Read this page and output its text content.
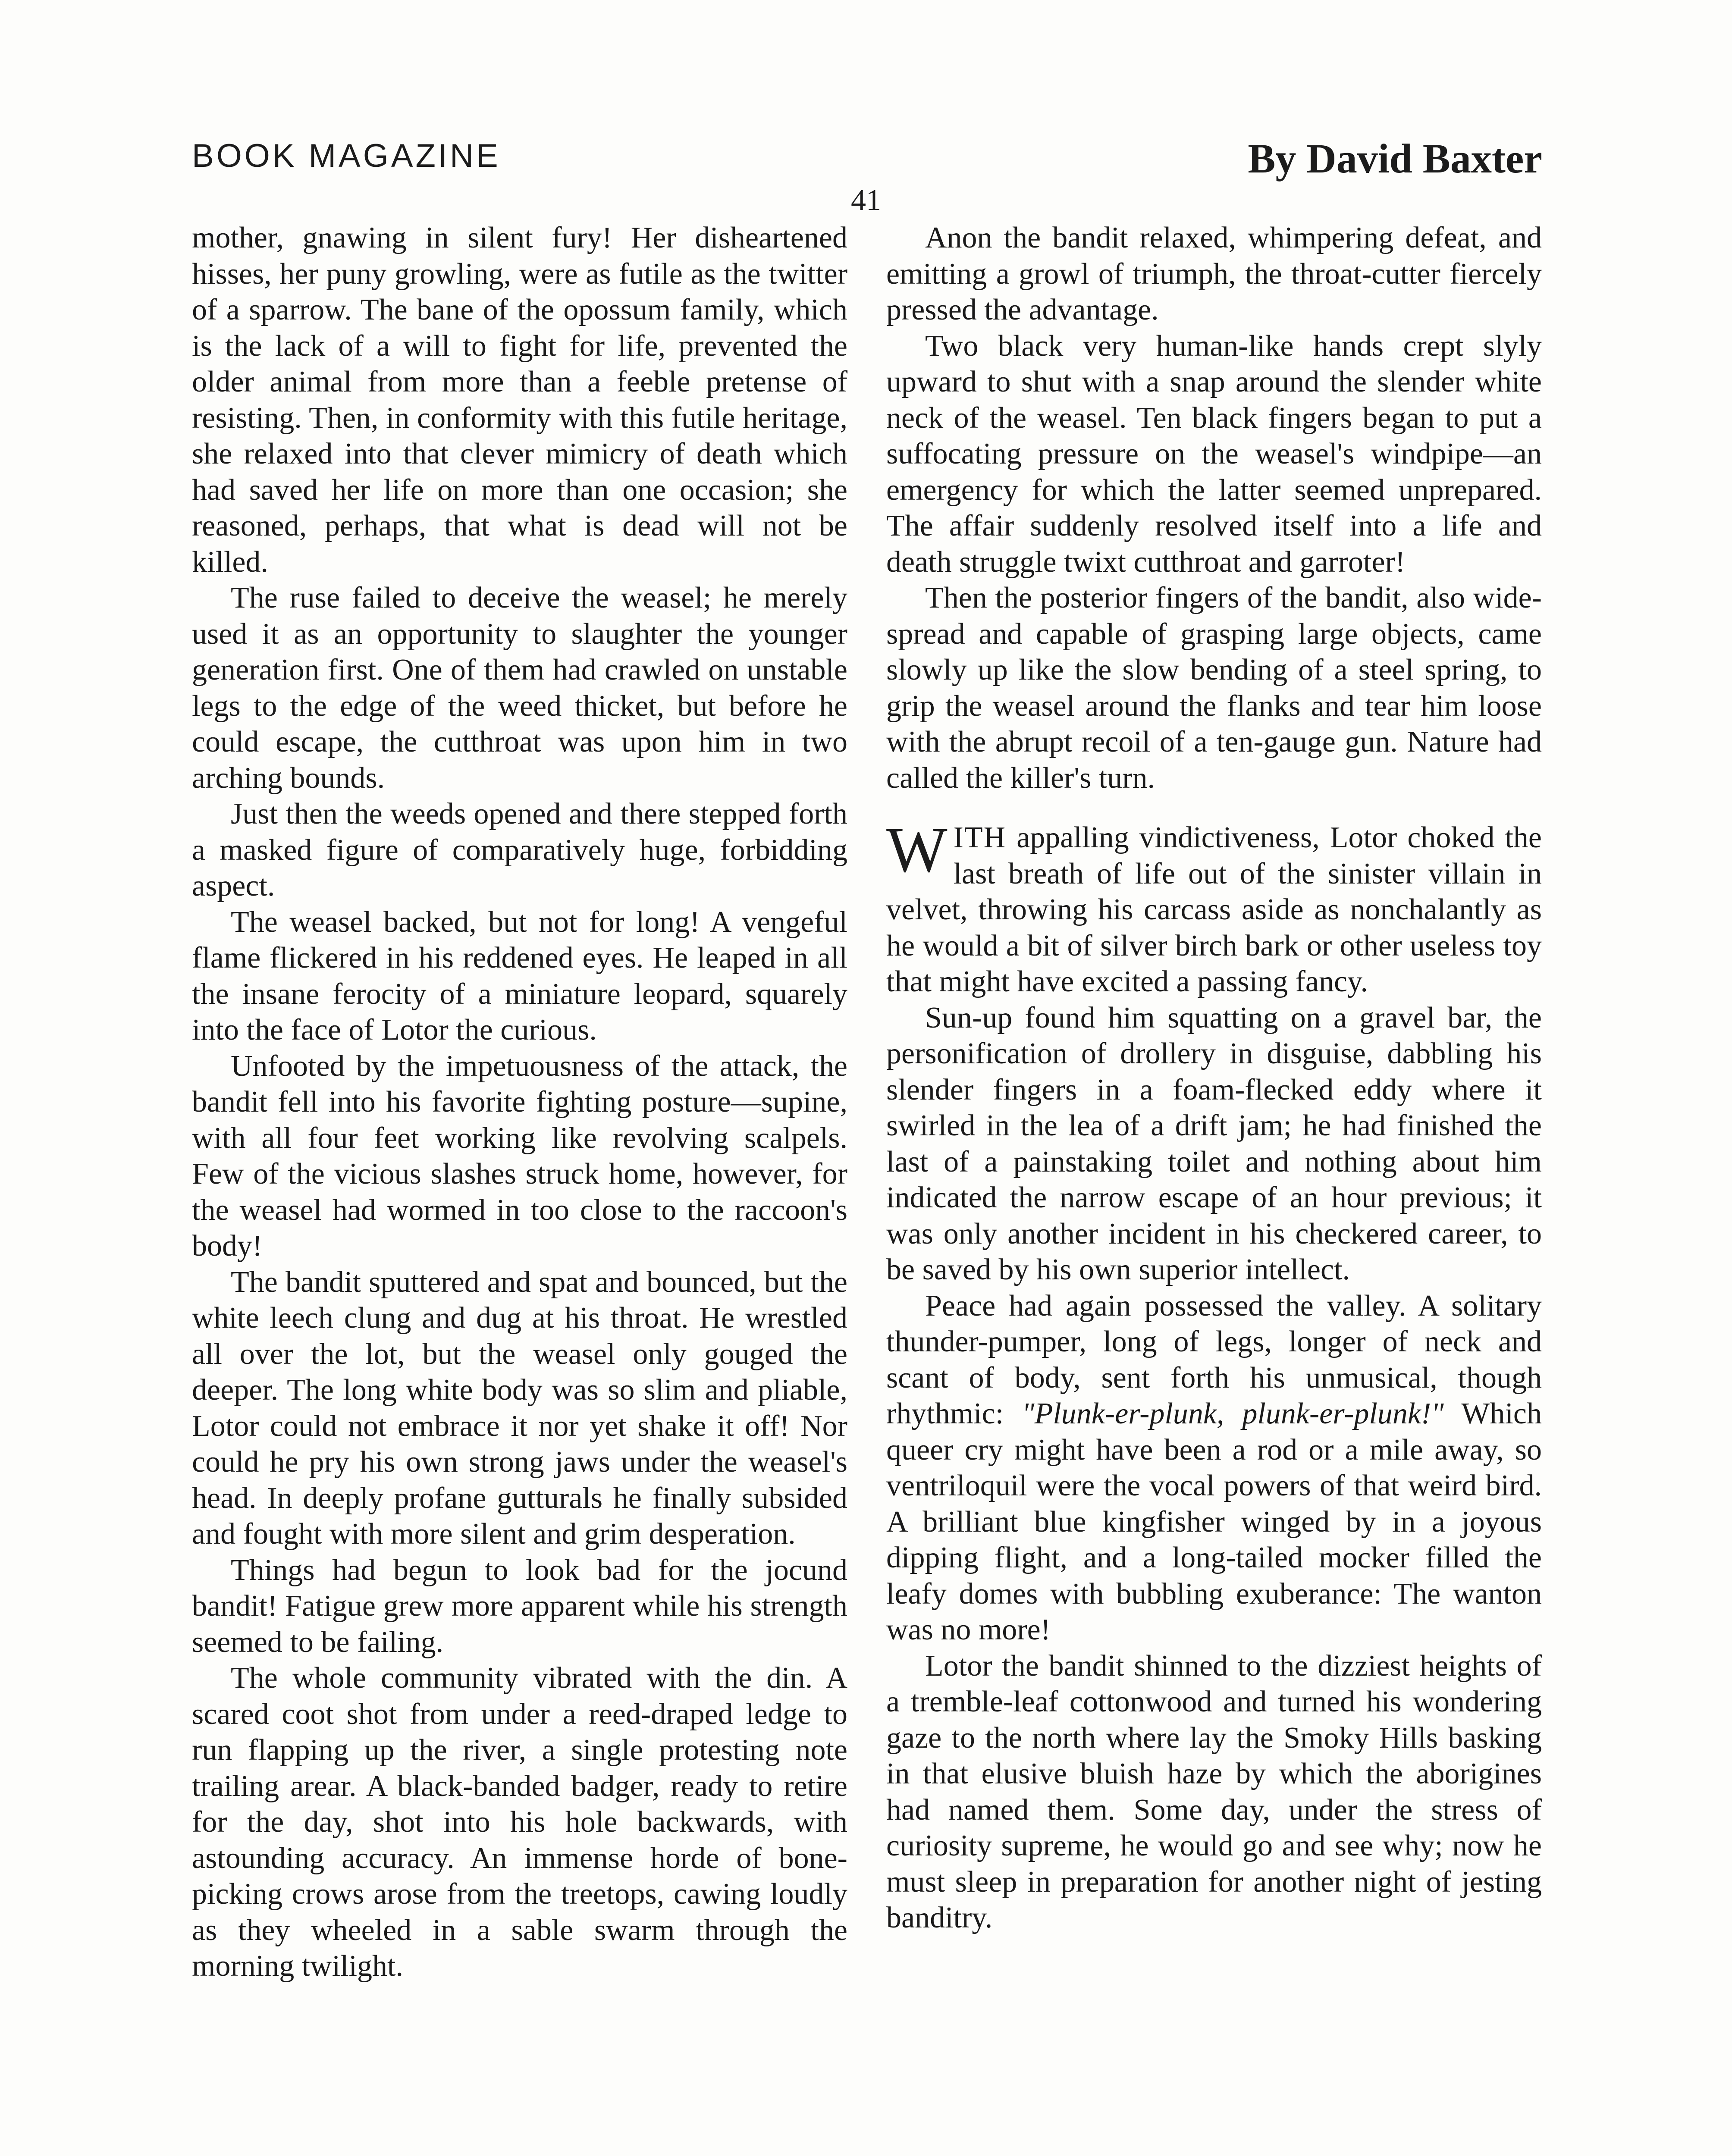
BOOK MAGAZINE	By David Baxter
41

mother, gnawing in silent fury! Her disheartened hisses, her puny growling, were as futile as the twitter of a sparrow. The bane of the opossum family, which is the lack of a will to fight for life, prevented the older animal from more than a feeble pretense of resisting. Then, in conformity with this futile heritage, she relaxed into that clever mimicry of death which had saved her life on more than one occasion; she reasoned, perhaps, that what is dead will not be killed.

The ruse failed to deceive the weasel; he merely used it as an opportunity to slaughter the younger generation first. One of them had crawled on unstable legs to the edge of the weed thicket, but before he could escape, the cutthroat was upon him in two arching bounds.

Just then the weeds opened and there stepped forth a masked figure of comparatively huge, forbidding aspect.

The weasel backed, but not for long! A vengeful flame flickered in his reddened eyes. He leaped in all the insane ferocity of a miniature leopard, squarely into the face of Lotor the curious.

Unfooted by the impetuousness of the attack, the bandit fell into his favorite fighting posture—supine, with all four feet working like revolving scalpels. Few of the vicious slashes struck home, however, for the weasel had wormed in too close to the raccoon's body!

The bandit sputtered and spat and bounced, but the white leech clung and dug at his throat. He wrestled all over the lot, but the weasel only gouged the deeper. The long white body was so slim and pliable, Lotor could not embrace it nor yet shake it off! Nor could he pry his own strong jaws under the weasel's head. In deeply profane gutturals he finally subsided and fought with more silent and grim desperation.

Things had begun to look bad for the jocund bandit! Fatigue grew more apparent while his strength seemed to be failing.

The whole community vibrated with the din. A scared coot shot from under a reed-draped ledge to run flapping up the river, a single protesting note trailing arear. A black-banded badger, ready to retire for the day, shot into his hole backwards, with astounding accuracy. An immense horde of bone-picking crows arose from the treetops, cawing loudly as they wheeled in a sable swarm through the morning twilight.

Anon the bandit relaxed, whimpering defeat, and emitting a growl of triumph, the throat-cutter fiercely pressed the advantage.

Two black very human-like hands crept slyly upward to shut with a snap around the slender white neck of the weasel. Ten black fingers began to put a suffocating pressure on the weasel's windpipe—an emergency for which the latter seemed unprepared. The affair suddenly resolved itself into a life and death struggle twixt cutthroat and garroter!

Then the posterior fingers of the bandit, also wide-spread and capable of grasping large objects, came slowly up like the slow bending of a steel spring, to grip the weasel around the flanks and tear him loose with the abrupt recoil of a ten-gauge gun. Nature had called the killer's turn.

WITH appalling vindictiveness, Lotor choked the last breath of life out of the sinister villain in velvet, throwing his carcass aside as nonchalantly as he would a bit of silver birch bark or other useless toy that might have excited a passing fancy.

Sun-up found him squatting on a gravel bar, the personification of drollery in disguise, dabbling his slender fingers in a foam-flecked eddy where it swirled in the lea of a drift jam; he had finished the last of a painstaking toilet and nothing about him indicated the narrow escape of an hour previous; it was only another incident in his checkered career, to be saved by his own superior intellect.

Peace had again possessed the valley. A solitary thunder-pumper, long of legs, longer of neck and scant of body, sent forth his unmusical, though rhythmic: "Plunk-er-plunk, plunk-er-plunk!" Which queer cry might have been a rod or a mile away, so ventriloquil were the vocal powers of that weird bird. A brilliant blue kingfisher winged by in a joyous dipping flight, and a long-tailed mocker filled the leafy domes with bubbling exuberance: The wanton was no more!

Lotor the bandit shinned to the dizziest heights of a tremble-leaf cottonwood and turned his wondering gaze to the north where lay the Smoky Hills basking in that elusive bluish haze by which the aborigines had named them. Some day, under the stress of curiosity supreme, he would go and see why; now he must sleep in preparation for another night of jesting banditry.
